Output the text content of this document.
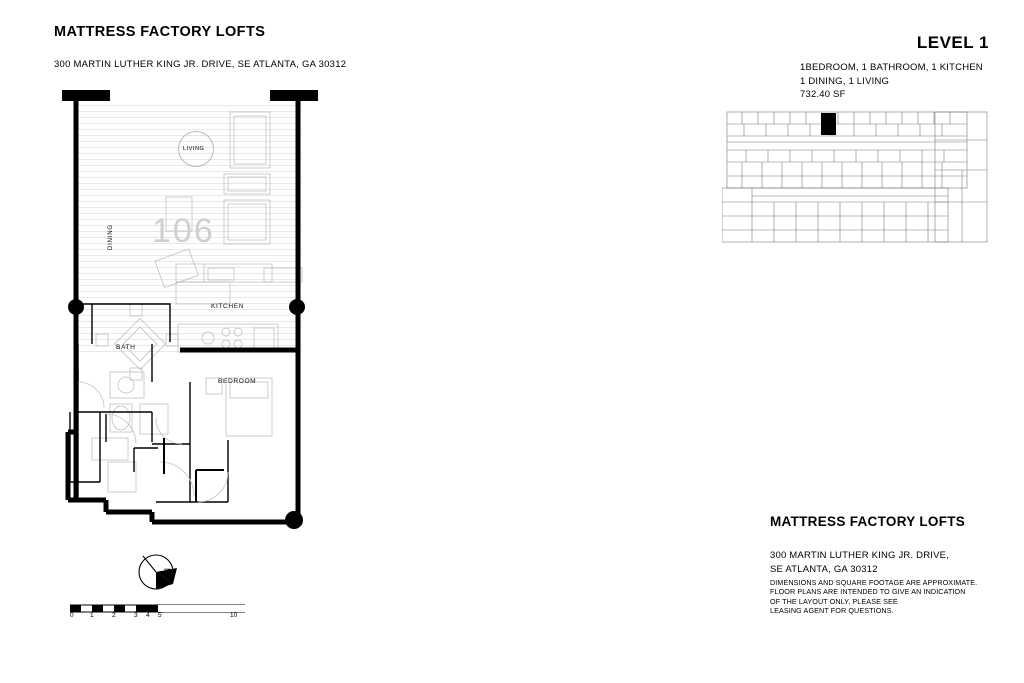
MATTRESS FACTORY LOFTS
300 MARTIN LUTHER KING JR. DRIVE, SE ATLANTA, GA 30312
LEVEL 1
1BEDROOM, 1 BATHROOM, 1 KITCHEN
1 DINING, 1 LIVING
732.40 SF
106
LIVING
DINING
KITCHEN
BATH
BEDROOM
N
0	1	2	3 4 5	10
MATTRESS FACTORY LOFTS
300 MARTIN LUTHER KING JR. DRIVE,
SE ATLANTA, GA 30312
DIMENSIONS AND SQUARE FOOTAGE ARE APPROXIMATE.
FLOOR PLANS ARE INTENDED TO GIVE AN INDICATION
OF THE LAYOUT ONLY, PLEASE SEE
LEASING AGENT FOR QUESTIONS.
